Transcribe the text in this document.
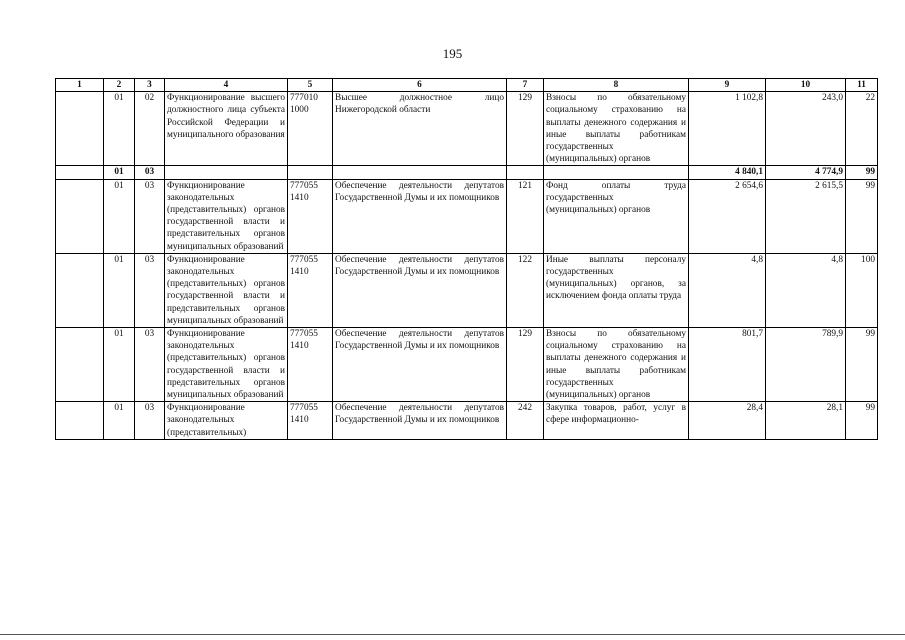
195
1	2	3	4	5	6	7	8	9	10	11
	01	02	Функционирование высшего должностного лица субъекта Российской Федерации и муниципального образования	777010 1000	Высшее должностное лицо Нижегородской области	129	Взносы по обязательному социальному страхованию на выплаты денежного содержания и иные выплаты работникам государственных (муниципальных) органов	1 102,8	243,0	22
	01	03						4 840,1	4 774,9	99
	01	03	Функционирование законодательных (представительных) органов государственной власти и представительных органов муниципальных образований	777055 1410	Обеспечение деятельности депутатов Государственной Думы и их помощников	121	Фонд оплаты труда государственных (муниципальных) органов	2 654,6	2 615,5	99
	01	03	Функционирование законодательных (представительных) органов государственной власти и представительных органов муниципальных образований	777055 1410	Обеспечение деятельности депутатов Государственной Думы и их помощников	122	Иные выплаты персоналу государственных (муниципальных) органов, за исключением фонда оплаты труда	4,8	4,8	100
	01	03	Функционирование законодательных (представительных) органов государственной власти и представительных органов муниципальных образований	777055 1410	Обеспечение деятельности депутатов Государственной Думы и их помощников	129	Взносы по обязательному социальному страхованию на выплаты денежного содержания и иные выплаты работникам государственных (муниципальных) органов	801,7	789,9	99
	01	03	Функционирование законодательных (представительных)	777055 1410	Обеспечение деятельности депутатов Государственной Думы и их помощников	242	Закупка товаров, работ, услуг в сфере информационно-	28,4	28,1	99
